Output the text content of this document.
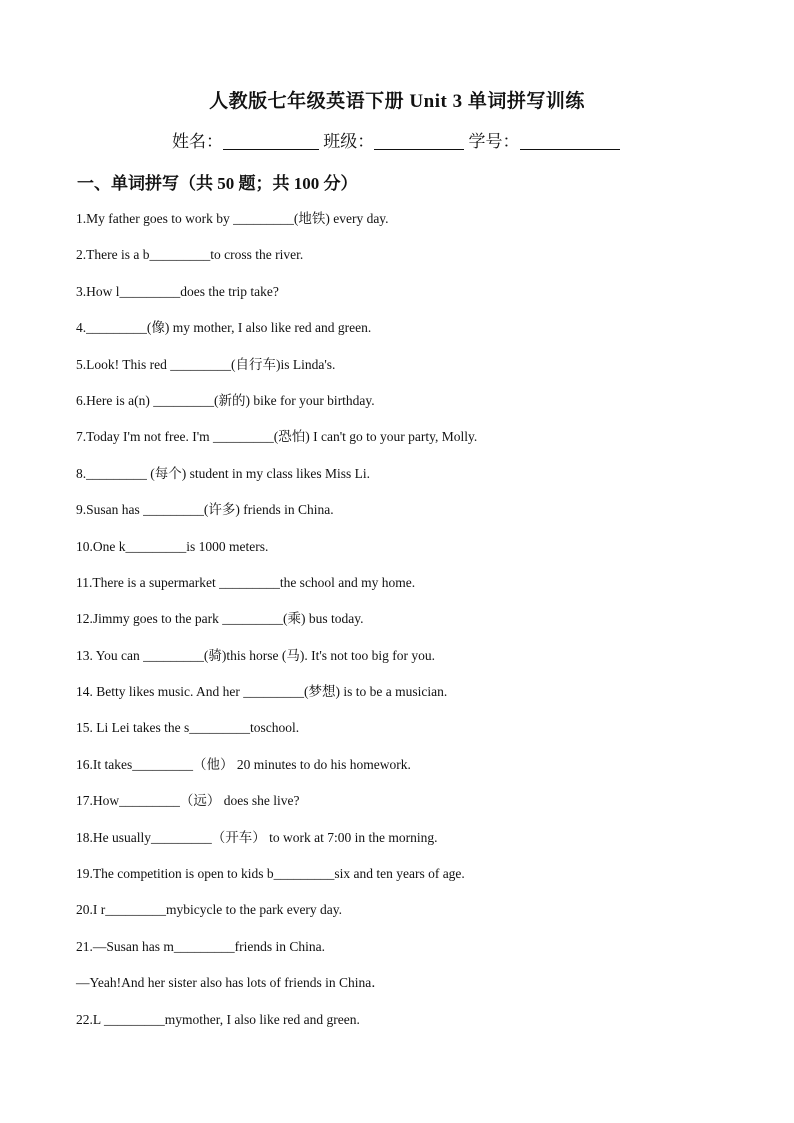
人教版七年级英语下册 Unit 3 单词拼写训练
姓名：	班级：	学号：
一、单词拼写（共 50 题；共 100 分）
1.My father goes to work by _________(地铁) every day.
2.There is a b_________to cross the river.
3.How l_________does the trip take?
4._________(像) my mother, I also like red and green.
5.Look! This red _________(自行车)is Linda's.
6.Here is a(n) _________(新的) bike for your birthday.
7.Today I'm not free. I'm _________(恐怕) I can't go to your party, Molly.
8._________ (每个) student in my class likes Miss Li.
9.Susan has _________(许多) friends in China.
10.One k_________is 1000 meters.
11.There is a supermarket _________the school and my home.
12.Jimmy goes to the park _________(乘) bus today.
13. You can _________(骑)this horse (马). It's not too big for you.
14. Betty likes music. And her _________(梦想) is to be a musician.
15. Li Lei takes the s_________toschool.
16.It takes_________（他） 20 minutes to do his homework.
17.How_________（远） does she live?
18.He usually_________（开车） to work at 7:00 in the morning.
19.The competition is open to kids b_________six and ten years of age.
20.I r_________mybicycle to the park every day.
21.—Susan has m_________friends in China.
—Yeah!And her sister also has lots of friends in China．
22.L _________mymother, I also like red and green.
